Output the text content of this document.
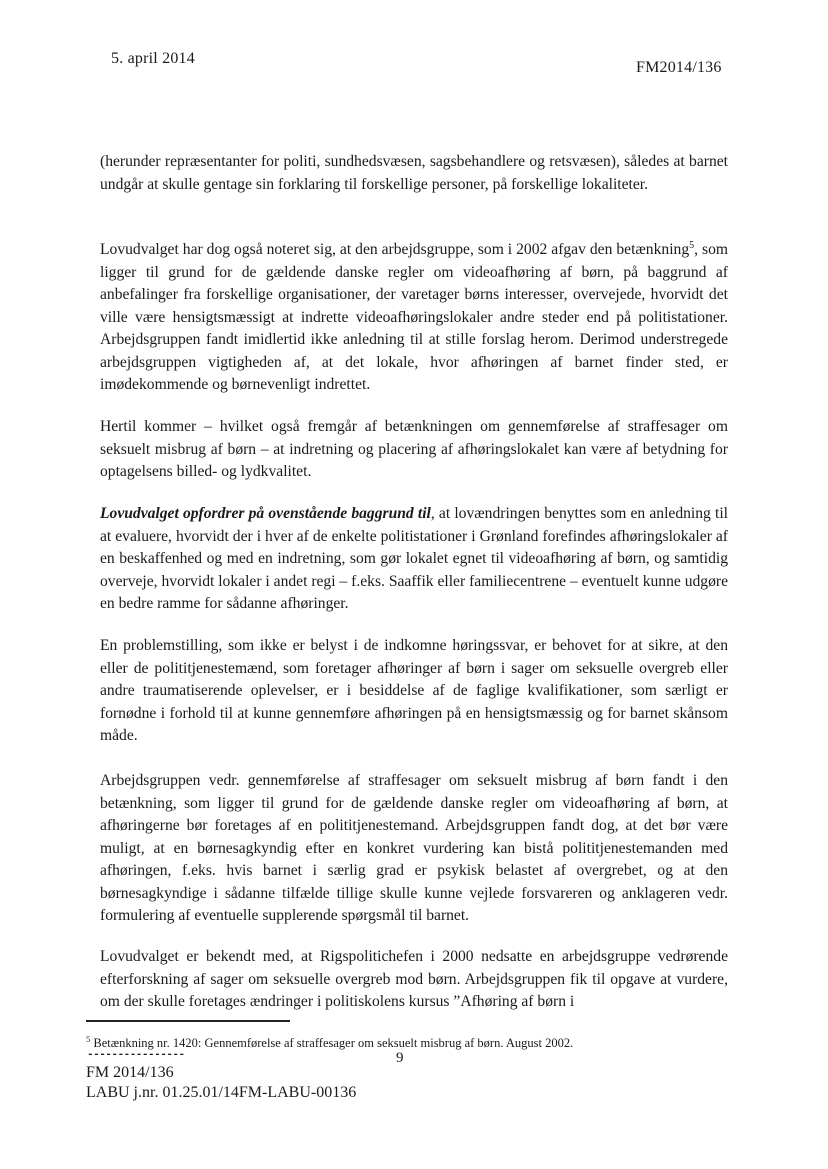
5. april 2014
FM2014/136
(herunder repræsentanter for politi, sundhedsvæsen, sagsbehandlere og retsvæsen), således at barnet undgår at skulle gentage sin forklaring til forskellige personer, på forskellige lokaliteter.
Lovudvalget har dog også noteret sig, at den arbejdsgruppe, som i 2002 afgav den betænkning$^5$, som ligger til grund for de gældende danske regler om videoafhøring af børn, på baggrund af anbefalinger fra forskellige organisationer, der varetager børns interesser, overvejede, hvorvidt det ville være hensigtsmæssigt at indrette videoafhøringslokaler andre steder end på politistationer. Arbejdsgruppen fandt imidlertid ikke anledning til at stille forslag herom. Derimod understregede arbejdsgruppen vigtigheden af, at det lokale, hvor afhøringen af barnet finder sted, er imødekommende og børnevenligt indrettet.
Hertil kommer – hvilket også fremgår af betænkningen om gennemførelse af straffesager om seksuelt misbrug af børn – at indretning og placering af afhøringslokalet kan være af betydning for optagelsens billed- og lydkvalitet.
Lovudvalget opfordrer på ovenstående baggrund til, at lovændringen benyttes som en anledning til at evaluere, hvorvidt der i hver af de enkelte politistationer i Grønland forefindes afhøringslokaler af en beskaffenhed og med en indretning, som gør lokalet egnet til videoafhøring af børn, og samtidig overveje, hvorvidt lokaler i andet regi – f.eks. Saaffik eller familiecentrene – eventuelt kunne udgøre en bedre ramme for sådanne afhøringer.
En problemstilling, som ikke er belyst i de indkomne høringssvar, er behovet for at sikre, at den eller de polititjenestemænd, som foretager afhøringer af børn i sager om seksuelle overgreb eller andre traumatiserende oplevelser, er i besiddelse af de faglige kvalifikationer, som særligt er fornødne i forhold til at kunne gennemføre afhøringen på en hensigtsmæssig og for barnet skånsom måde.
Arbejdsgruppen vedr. gennemførelse af straffesager om seksuelt misbrug af børn fandt i den betænkning, som ligger til grund for de gældende danske regler om videoafhøring af børn, at afhøringerne bør foretages af en polititjenestemand. Arbejdsgruppen fandt dog, at det bør være muligt, at en børnesagkyndig efter en konkret vurdering kan bistå polititjenestemanden med afhøringen, f.eks. hvis barnet i særlig grad er psykisk belastet af overgrebet, og at den børnesagkyndige i sådanne tilfælde tillige skulle kunne vejlede forsvareren og anklageren vedr. formulering af eventuelle supplerende spørgsmål til barnet.
Lovudvalget er bekendt med, at Rigspolitichefen i 2000 nedsatte en arbejdsgruppe vedrørende efterforskning af sager om seksuelle overgreb mod børn. Arbejdsgruppen fik til opgave at vurdere, om der skulle foretages ændringer i politiskolens kursus ”Afhøring af børn i
$^5$ Betænkning nr. 1420: Gennemførelse af straffesager om seksuelt misbrug af børn. August 2002.
----------------	9
FM 2014/136
LABU j.nr. 01.25.01/14FM-LABU-00136
